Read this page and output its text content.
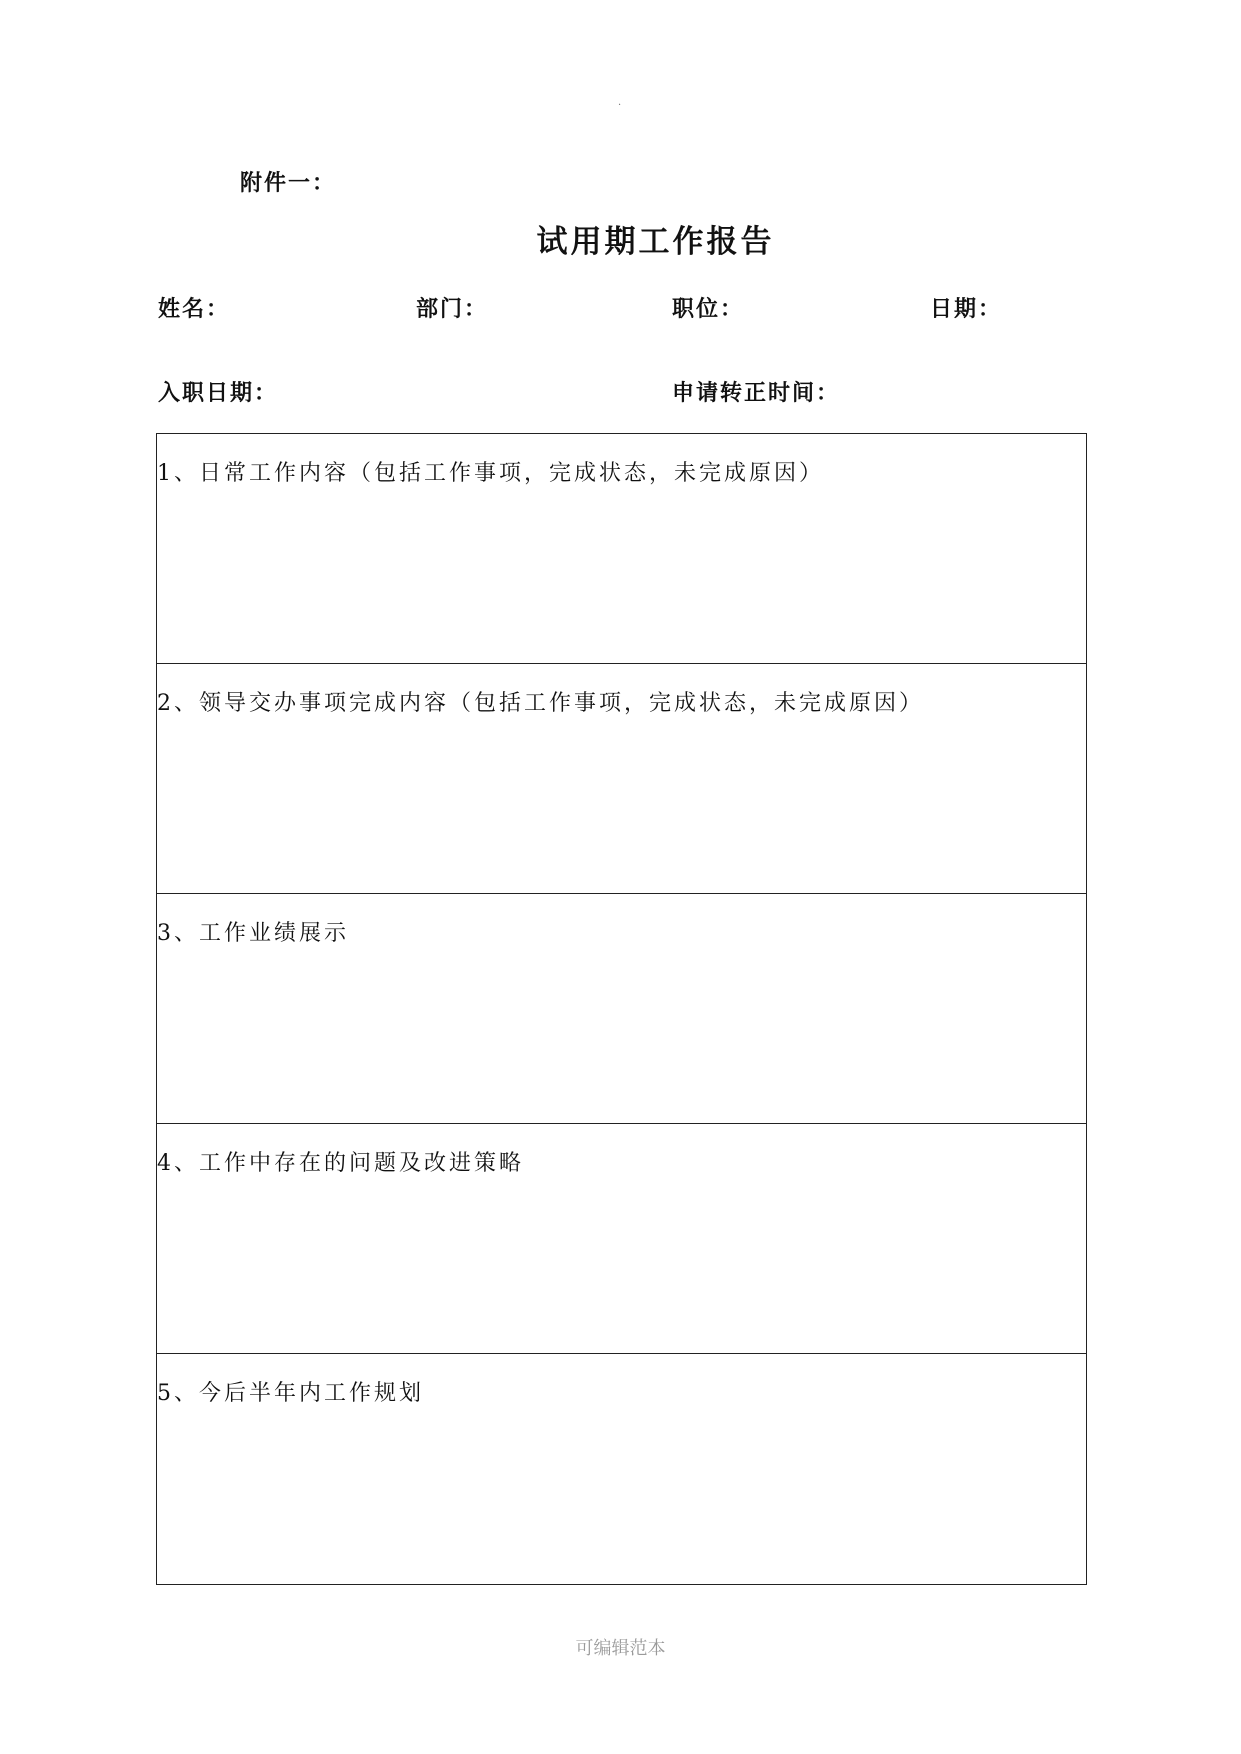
·
附件一：
试用期工作报告
姓名：	部门：	职位：	日期：
入职日期：	申请转正时间：
1、日常工作内容（包括工作事项，完成状态，未完成原因）
2、领导交办事项完成内容（包括工作事项，完成状态，未完成原因）
3、工作业绩展示
4、工作中存在的问题及改进策略
5、今后半年内工作规划
可编辑范本
